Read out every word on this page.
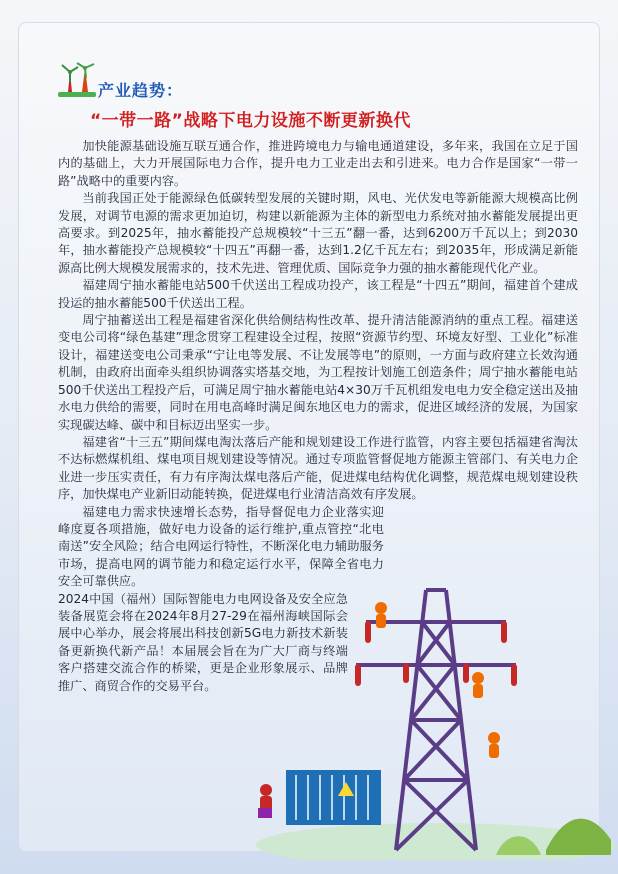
产业趋势：
“一带一路”战略下电力设施不断更新换代

加快能源基础设施互联互通合作，推进跨境电力与输电通道建设，多年来，我国在立足于国内的基础上，大力开展国际电力合作，提升电力工业走出去和引进来。电力合作是国家“一带一路”战略中的重要内容。

当前我国正处于能源绿色低碳转型发展的关键时期，风电、光伏发电等新能源大规模高比例发展，对调节电源的需求更加迫切，构建以新能源为主体的新型电力系统对抽水蓄能发展提出更高要求。到2025年，抽水蓄能投产总规模较“十三五”翻一番，达到6200万千瓦以上；到2030年，抽水蓄能投产总规模较“十四五”再翻一番，达到1.2亿千瓦左右；到2035年，形成满足新能源高比例大规模发展需求的，技术先进、管理优质、国际竞争力强的抽水蓄能现代化产业。

福建周宁抽水蓄能电站500千伏送出工程成功投产，该工程是“十四五”期间，福建首个建成投运的抽水蓄能500千伏送出工程。

周宁抽蓄送出工程是福建省深化供给侧结构性改革、提升清洁能源消纳的重点工程。福建送变电公司将“绿色基建”理念贯穿工程建设全过程，按照“资源节约型、环境友好型、工业化”标准设计，福建送变电公司秉承“宁让电等发展、不让发展等电”的原则，一方面与政府建立长效沟通机制，由政府出面牵头组织协调落实塔基交地，为工程按计划施工创造条件；周宁抽水蓄能电站500千伏送出工程投产后，可满足周宁抽水蓄能电站4×30万千瓦机组发电电力安全稳定送出及抽水电力供给的需要，同时在用电高峰时满足闽东地区电力的需求，促进区域经济的发展，为国家实现碳达峰、碳中和目标迈出坚实一步。

福建省“十三五”期间煤电淘汰落后产能和规划建设工作进行监管，内容主要包括福建省淘汰不达标燃煤机组、煤电项目规划建设等情况。通过专项监管督促地方能源主管部门、有关电力企业进一步压实责任，有力有序淘汰煤电落后产能，促进煤电结构优化调整，规范煤电规划建设秩序，加快煤电产业新旧动能转换，促进煤电行业清洁高效有序发展。

福建电力需求快速增长态势，指导督促电力企业落实迎峰度夏各项措施，做好电力设备的运行维护,重点管控“北电南送”安全风险；结合电网运行特性，不断深化电力辅助服务市场，提高电网的调节能力和稳定运行水平，保障全省电力安全可靠供应。

2024中国（福州）国际智能电力电网设备及安全应急装备展览会将在2024年8月27-29在福州海峡国际会展中心举办，展会将展出科技创新5G电力新技术新装备更新换代新产品！本届展会旨在为广大厂商与终端客户搭建交流合作的桥梁，更是企业形象展示、品牌推广、商贸合作的交易平台。
